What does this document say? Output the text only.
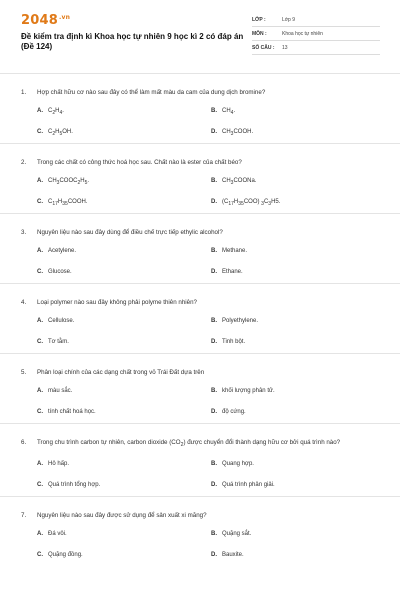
$2048^{.vn}$
Đề kiểm tra định kì Khoa học tự nhiên 9 học kì 2 có đáp án (Đề 124)
LỚP :	Lớp 9
MÔN :	Khoa học tự nhiên
SỐ CÂU :	13
1.	Hợp chất hữu cơ nào sau đây có thể làm mất màu da cam của dung dịch bromine?
A. $C_2H_4$.	B. $CH_4$.
C. $C_2H_5OH$.	D. $CH_3COOH$.
2.	Trong các chất có công thức hoá học sau. Chất nào là ester của chất béo?
A. $CH_3COOC_2H_5$.	B. $CH_3COONa$.
C. $C_{17}H_{35}COOH$.	D. $(C_{17}H_{35}COO)$ $_3C_3H5$.
3.	Nguyên liệu nào sau đây dùng để điều chế trực tiếp ethylic alcohol?
A. Acetylene.	B. Methane.
C. Glucose.	D. Ethane.
4.	Loại polymer nào sau đây không phải polyme thiên nhiên?
A. Cellulose.	B. Polyethylene.
C. Tơ tằm.	D. Tinh bột.
5.	Phân loại chính của các dạng chất trong vỏ Trái Đất dựa trên
A. màu sắc.	B. khối lượng phân tử.
C. tính chất hoá học.	D. độ cứng.
6.	Trong chu trình carbon tự nhiên, carbon dioxide $(CO_2)$ được chuyển đổi thành dạng hữu cơ bởi quá trình nào?
A. Hô hấp.	B. Quang hợp.
C. Quá trình tổng hợp.	D. Quá trình phân giải.
7.	Nguyên liệu nào sau đây được sử dụng để sản xuất xi măng?
A. Đá vôi.	B. Quặng sắt.
C. Quặng đồng.	D. Bauxite.
